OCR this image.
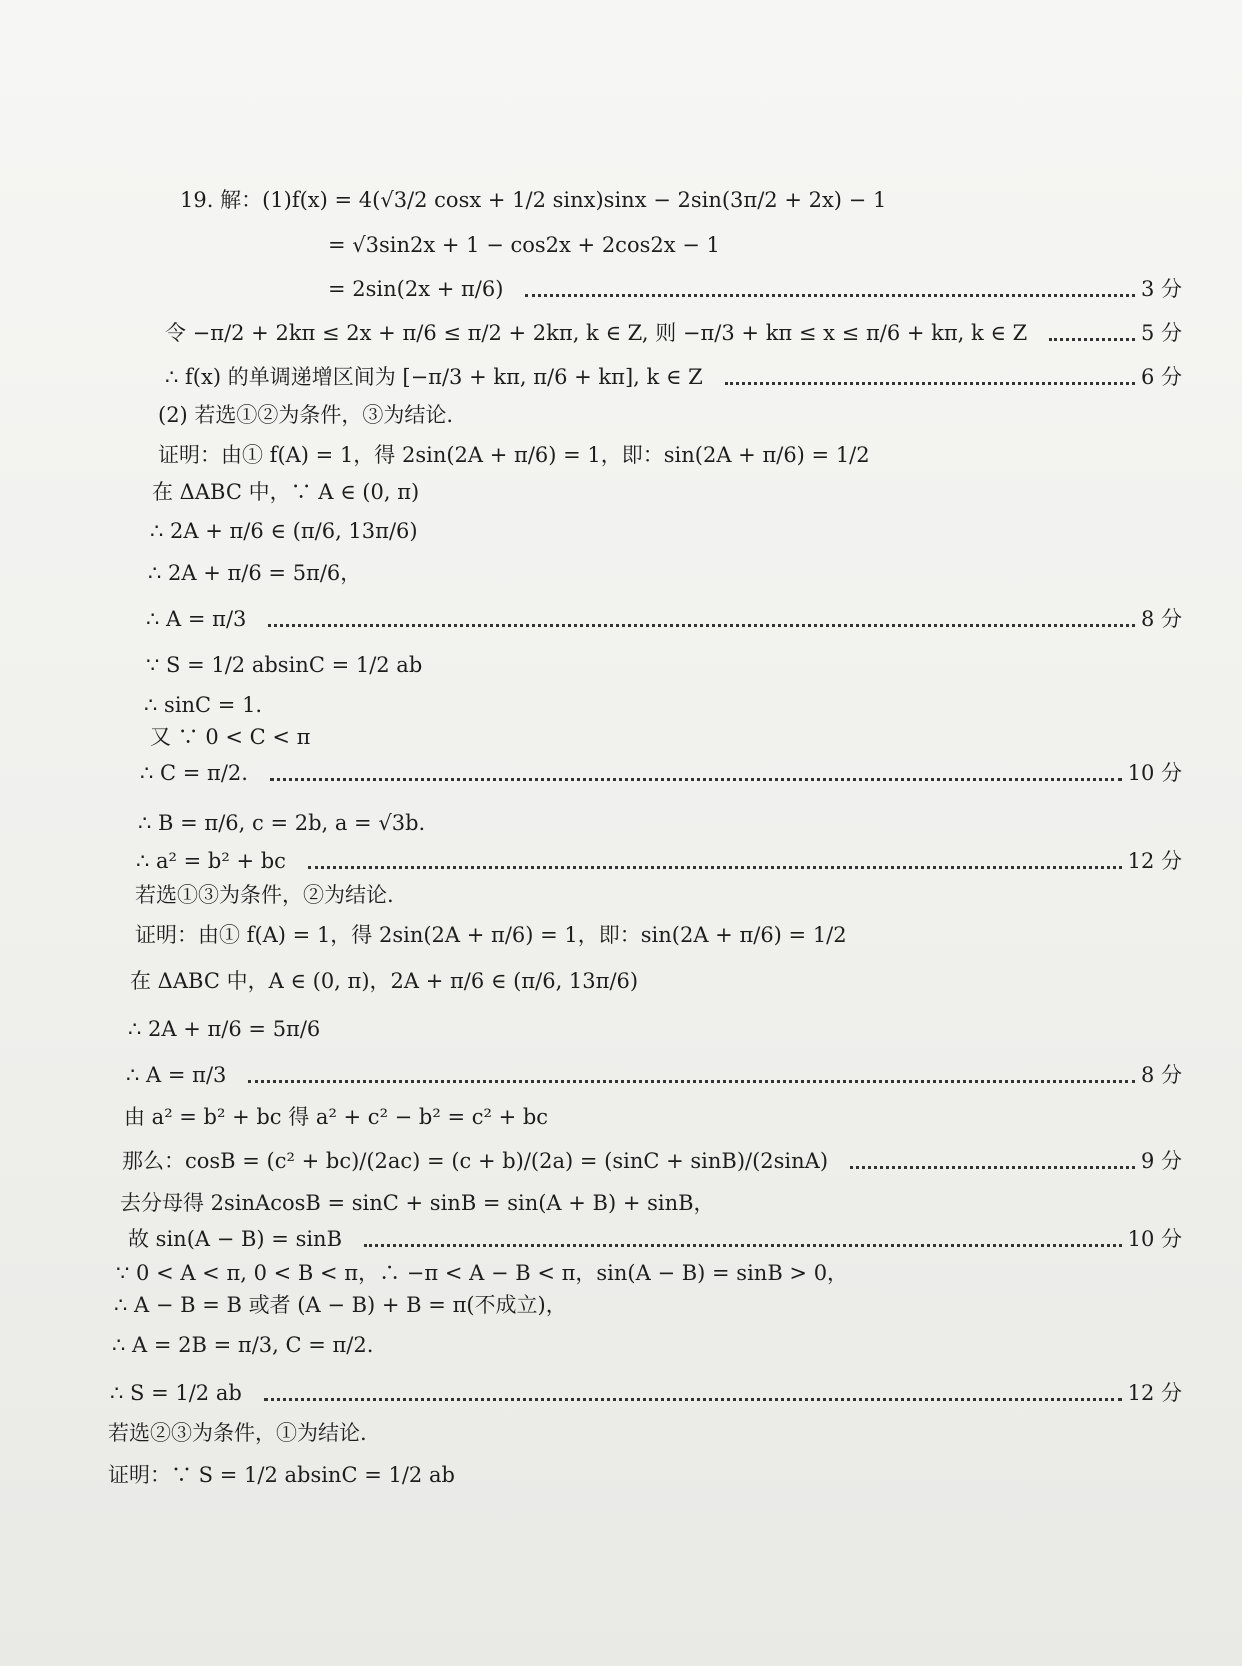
19. 解：(1)f(x) = 4(√3/2 cosx + 1/2 sinx)sinx − 2sin(3π/2 + 2x) − 1
= √3sin2x + 1 − cos2x + 2cos2x − 1
= 2sin(2x + π/6)	3 分
令 −π/2 + 2kπ ≤ 2x + π/6 ≤ π/2 + 2kπ, k ∈ Z, 则 −π/3 + kπ ≤ x ≤ π/6 + kπ, k ∈ Z	5 分
∴ f(x) 的单调递增区间为 [−π/3 + kπ, π/6 + kπ], k ∈ Z	6 分
(2) 若选①②为条件，③为结论.
证明：由① f(A) = 1，得 2sin(2A + π/6) = 1，即：sin(2A + π/6) = 1/2
在 ΔABC 中，∵ A ∈ (0, π)
∴ 2A + π/6 ∈ (π/6, 13π/6)
∴ 2A + π/6 = 5π/6，
∴ A = π/3	8 分
∵ S = 1/2 absinC = 1/2 ab
∴ sinC = 1.
又 ∵ 0 < C < π
∴ C = π/2.	10 分
∴ B = π/6, c = 2b, a = √3b.
∴ a² = b² + bc	12 分
若选①③为条件，②为结论.
证明：由① f(A) = 1，得 2sin(2A + π/6) = 1，即：sin(2A + π/6) = 1/2
在 ΔABC 中，A ∈ (0, π)，2A + π/6 ∈ (π/6, 13π/6)
∴ 2A + π/6 = 5π/6
∴ A = π/3	8 分
由 a² = b² + bc 得 a² + c² − b² = c² + bc
那么：cosB = (c² + bc)/(2ac) = (c + b)/(2a) = (sinC + sinB)/(2sinA)	9 分
去分母得 2sinAcosB = sinC + sinB = sin(A + B) + sinB，
故 sin(A − B) = sinB	10 分
∵ 0 < A < π, 0 < B < π，∴ −π < A − B < π，sin(A − B) = sinB > 0，
∴ A − B = B 或者 (A − B) + B = π(不成立)，
∴ A = 2B = π/3, C = π/2.
∴ S = 1/2 ab	12 分
若选②③为条件，①为结论.
证明：∵ S = 1/2 absinC = 1/2 ab
